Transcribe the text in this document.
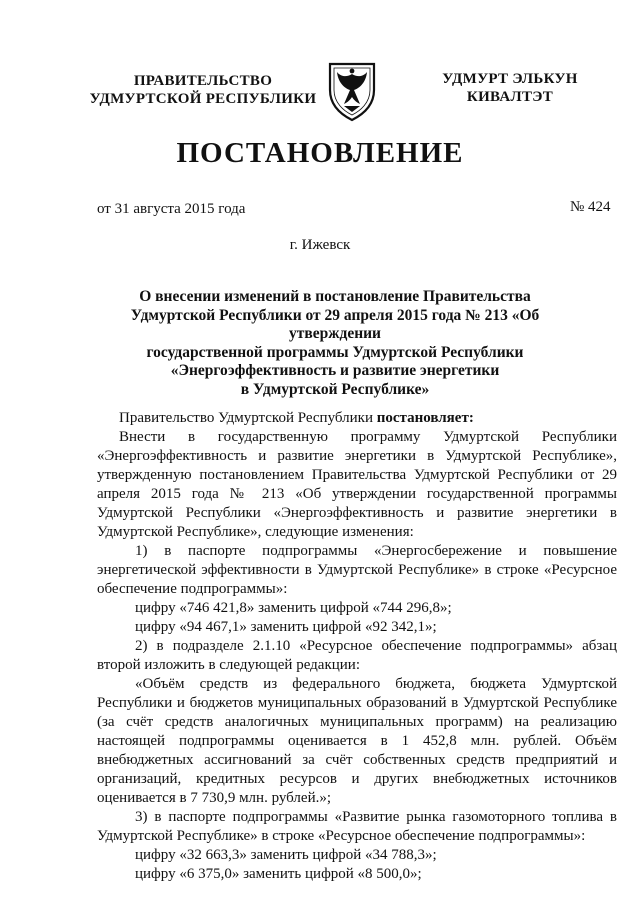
ПРАВИТЕЛЬСТВО
УДМУРТСКОЙ РЕСПУБЛИКИ
УДМУРТ ЭЛЬКУН
КИВАЛТЭТ
ПОСТАНОВЛЕНИЕ
от 31 августа 2015 года	№ 424
г. Ижевск
О внесении изменений в постановление Правительства
Удмуртской Республики от 29 апреля 2015 года № 213 «Об утверждении
государственной программы Удмуртской Республики
«Энергоэффективность и развитие энергетики
в Удмуртской Республике»

Правительство Удмуртской Республики постановляет:

Внести в государственную программу Удмуртской Республики «Энергоэффективность и развитие энергетики в Удмуртской Республике», утвержденную постановлением Правительства Удмуртской Республики от 29 апреля 2015 года № 213 «Об утверждении государственной программы Удмуртской Республики «Энергоэффективность и развитие энергетики в Удмуртской Республике», следующие изменения:

1) в паспорте подпрограммы «Энергосбережение и повышение энергетической эффективности в Удмуртской Республике» в строке «Ресурсное обеспечение подпрограммы»:

цифру «746 421,8» заменить цифрой «744 296,8»;

цифру «94 467,1» заменить цифрой «92 342,1»;

2) в подразделе 2.1.10 «Ресурсное обеспечение подпрограммы» абзац второй изложить в следующей редакции:

«Объём средств из федерального бюджета, бюджета Удмуртской Республики и бюджетов муниципальных образований в Удмуртской Республике (за счёт средств аналогичных муниципальных программ) на реализацию настоящей подпрограммы оценивается в 1 452,8 млн. рублей. Объём внебюджетных ассигнований за счёт собственных средств предприятий и организаций, кредитных ресурсов и других внебюджетных источников оценивается в 7 730,9 млн. рублей.»;

3) в паспорте подпрограммы «Развитие рынка газомоторного топлива в Удмуртской Республике» в строке «Ресурсное обеспечение подпрограммы»:

цифру «32 663,3» заменить цифрой «34 788,3»;

цифру «6 375,0» заменить цифрой «8 500,0»;
